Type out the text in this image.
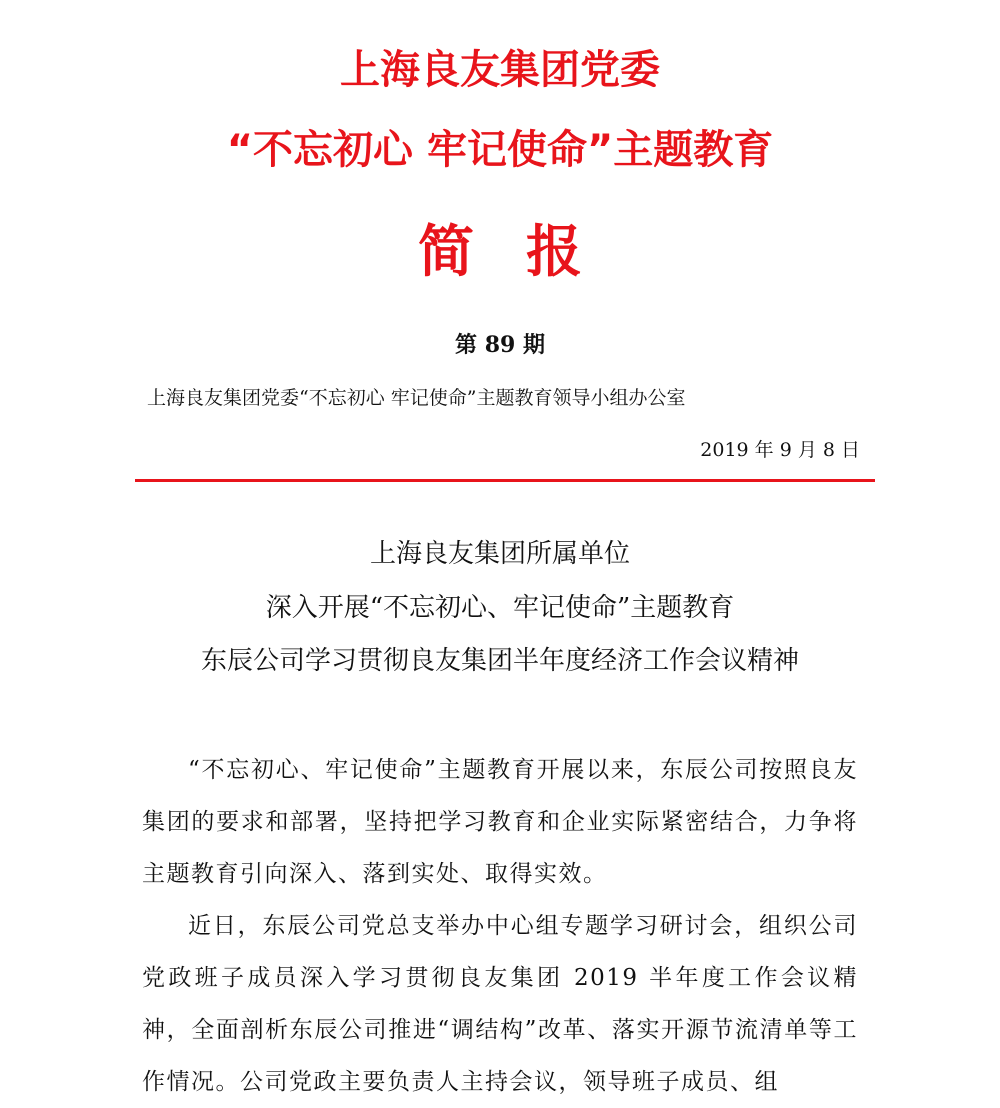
上海良友集团党委
“不忘初心 牢记使命”主题教育
简报
第 89 期
上海良友集团党委“不忘初心 牢记使命”主题教育领导小组办公室
2019 年 9 月 8 日
上海良友集团所属单位
深入开展“不忘初心、牢记使命”主题教育
东辰公司学习贯彻良友集团半年度经济工作会议精神

“不忘初心、牢记使命”主题教育开展以来，东辰公司按照良友集团的要求和部署，坚持把学习教育和企业实际紧密结合，力争将主题教育引向深入、落到实处、取得实效。

近日，东辰公司党总支举办中心组专题学习研讨会，组织公司党政班子成员深入学习贯彻良友集团 2019 半年度工作会议精神，全面剖析东辰公司推进“调结构”改革、落实开源节流清单等工作情况。公司党政主要负责人主持会议，领导班子成员、组
